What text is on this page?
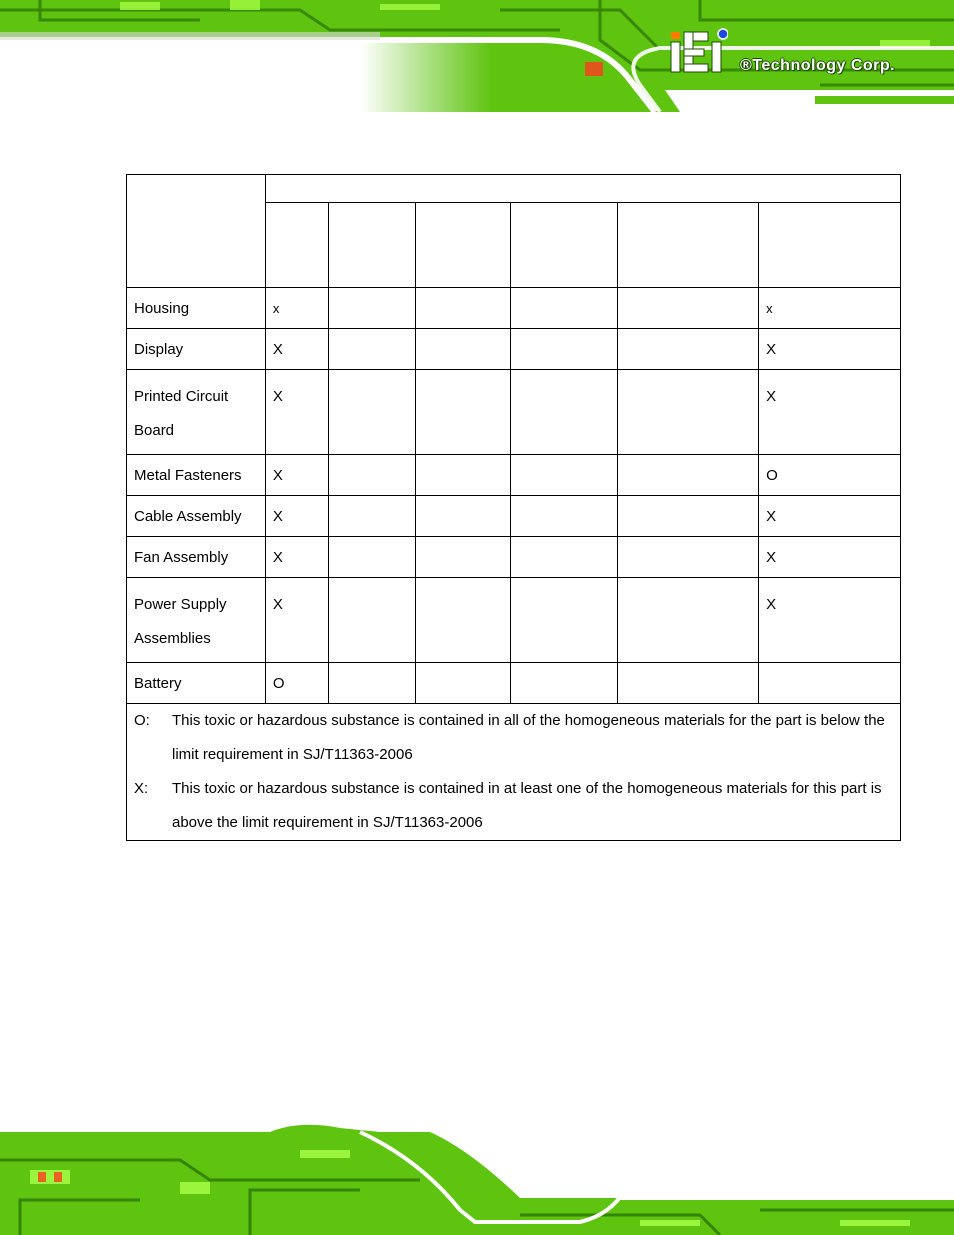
®Technology Corp.

Housing	x					x
Display	X					X
Printed Circuit Board	X					X
Metal Fasteners	X					O
Cable Assembly	X					X
Fan Assembly	X					X
Power Supply Assemblies	X					X
Battery	O					

O: This toxic or hazardous substance is contained in all of the homogeneous materials for the part is below the limit requirement in SJ/T11363-2006
X: This toxic or hazardous substance is contained in at least one of the homogeneous materials for this part is above the limit requirement in SJ/T11363-2006						
